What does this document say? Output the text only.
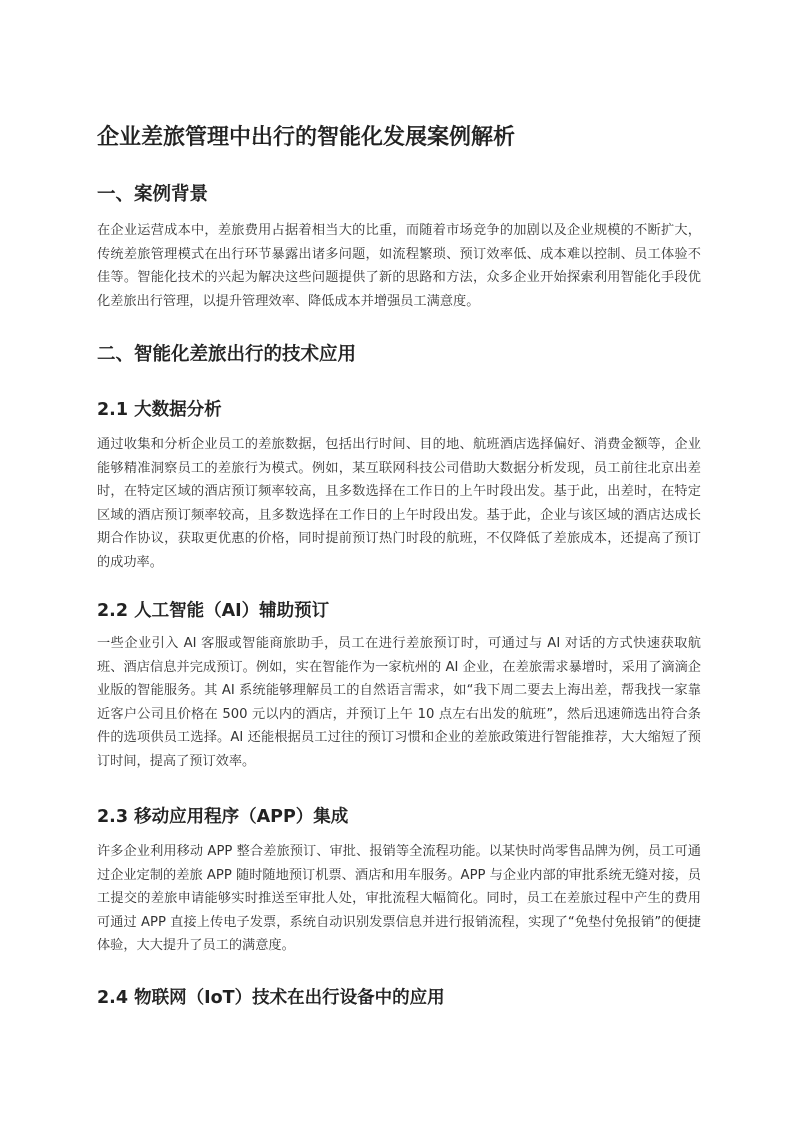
企业差旅管理中出行的智能化发展案例解析
一、案例背景

在企业运营成本中，差旅费用占据着相当大的比重，而随着市场竞争的加剧以及企业规模的不断扩大，传统差旅管理模式在出行环节暴露出诸多问题，如流程繁琐、预订效率低、成本难以控制、员工体验不佳等。智能化技术的兴起为解决这些问题提供了新的思路和方法，众多企业开始探索利用智能化手段优化差旅出行管理，以提升管理效率、降低成本并增强员工满意度。

二、智能化差旅出行的技术应用
2.1 大数据分析

通过收集和分析企业员工的差旅数据，包括出行时间、目的地、航班酒店选择偏好、消费金额等，企业能够精准洞察员工的差旅行为模式。例如，某互联网科技公司借助大数据分析发现，员工前往北京出差时，在特定区域的酒店预订频率较高，且多数选择在工作日的上午时段出发。基于此，出差时，在特定区域的酒店预订频率较高，且多数选择在工作日的上午时段出发。基于此，企业与该区域的酒店达成长期合作协议，获取更优惠的价格，同时提前预订热门时段的航班，不仅降低了差旅成本，还提高了预订的成功率。

2.2 人工智能（AI）辅助预订

一些企业引入 AI 客服或智能商旅助手，员工在进行差旅预订时，可通过与 AI 对话的方式快速获取航班、酒店信息并完成预订。例如，实在智能作为一家杭州的 AI 企业，在差旅需求暴增时，采用了滴滴企业版的智能服务。其 AI 系统能够理解员工的自然语言需求，如“我下周二要去上海出差，帮我找一家靠近客户公司且价格在 500 元以内的酒店，并预订上午 10 点左右出发的航班”，然后迅速筛选出符合条件的选项供员工选择。AI 还能根据员工过往的预订习惯和企业的差旅政策进行智能推荐，大大缩短了预订时间，提高了预订效率。

2.3 移动应用程序（APP）集成

许多企业利用移动 APP 整合差旅预订、审批、报销等全流程功能。以某快时尚零售品牌为例，员工可通过企业定制的差旅 APP 随时随地预订机票、酒店和用车服务。APP 与企业内部的审批系统无缝对接，员工提交的差旅申请能够实时推送至审批人处，审批流程大幅简化。同时，员工在差旅过程中产生的费用可通过 APP 直接上传电子发票，系统自动识别发票信息并进行报销流程，实现了“免垫付免报销”的便捷体验，大大提升了员工的满意度。

2.4 物联网（IoT）技术在出行设备中的应用
